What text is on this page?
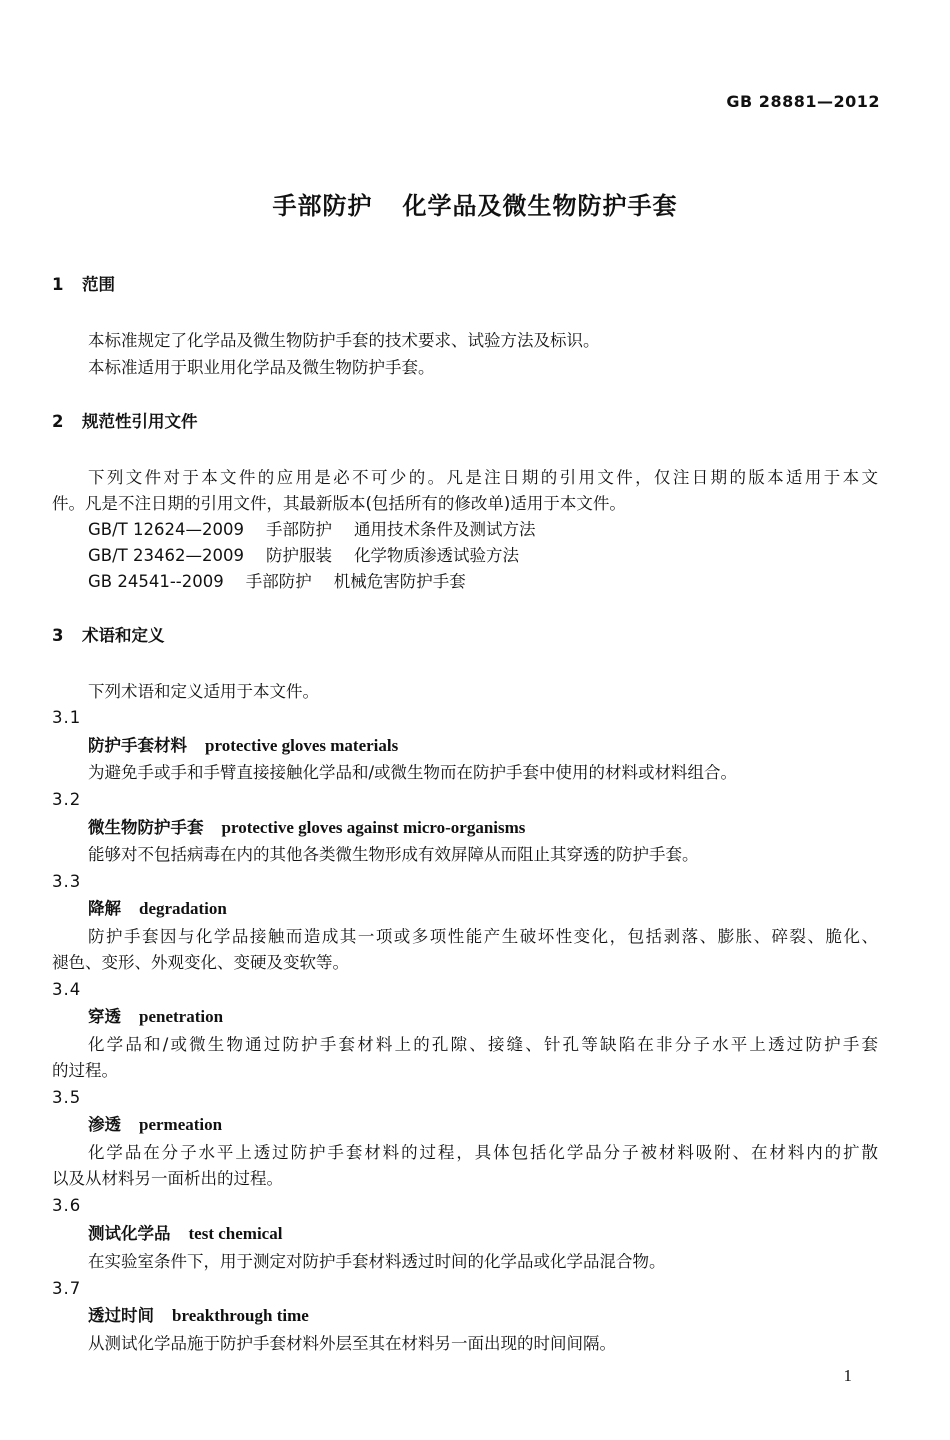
GB 28881—2012
手部防护 化学品及微生物防护手套
1 范围
本标准规定了化学品及微生物防护手套的技术要求、试验方法及标识。
本标准适用于职业用化学品及微生物防护手套。
2 规范性引用文件
下列文件对于本文件的应用是必不可少的。凡是注日期的引用文件，仅注日期的版本适用于本文
件。凡是不注日期的引用文件，其最新版本(包括所有的修改单)适用于本文件。
GB/T 12624—2009 手部防护 通用技术条件及测试方法
GB/T 23462—2009 防护服装 化学物质渗透试验方法
GB 24541--2009 手部防护 机械危害防护手套
3 术语和定义
下列术语和定义适用于本文件。
3.1
防护手套材料 protective gloves materials
为避免手或手和手臂直接接触化学品和/或微生物而在防护手套中使用的材料或材料组合。
3.2
微生物防护手套 protective gloves against micro-organisms
能够对不包括病毒在内的其他各类微生物形成有效屏障从而阻止其穿透的防护手套。
3.3
降解 degradation
防护手套因与化学品接触而造成其一项或多项性能产生破坏性变化，包括剥落、膨胀、碎裂、脆化、
褪色、变形、外观变化、变硬及变软等。
3.4
穿透 penetration
化学品和/或微生物通过防护手套材料上的孔隙、接缝、针孔等缺陷在非分子水平上透过防护手套
的过程。
3.5
渗透 permeation
化学品在分子水平上透过防护手套材料的过程，具体包括化学品分子被材料吸附、在材料内的扩散
以及从材料另一面析出的过程。
3.6
测试化学品 test chemical
在实验室条件下，用于测定对防护手套材料透过时间的化学品或化学品混合物。
3.7
透过时间 breakthrough time
从测试化学品施于防护手套材料外层至其在材料另一面出现的时间间隔。
1
